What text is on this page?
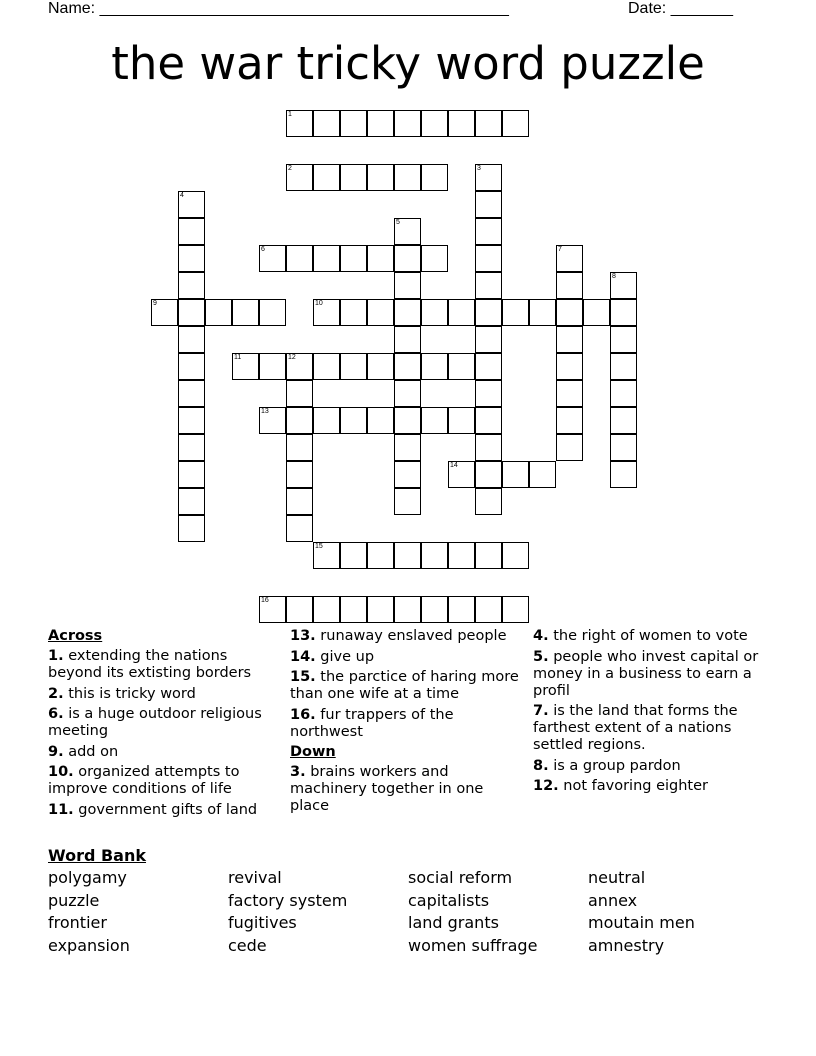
Name: ______________________________________________	Date: _______
the war tricky word puzzle
1
2	3
4
5
6	7
8
9	10
11	12
13
14
15
16
Across
1. extending the nations beyond its extisting borders
2. this is tricky word
6. is a huge outdoor religious meeting
9. add on
10. organized attempts to improve conditions of life
11. government gifts of land
13. runaway enslaved people
14. give up
15. the parctice of haring more than one wife at a time
16. fur trappers of the northwest
Down
3. brains workers and machinery together in one place
4. the right of women to vote
5. people who invest capital or money in a business to earn a profil
7. is the land that forms the farthest extent of a nations settled regions.
8. is a group pardon
12. not favoring eighter
Word Bank
polygamy	revival	social reform	neutral
puzzle	factory system	capitalists	annex
frontier	fugitives	land grants	moutain men
expansion	cede	women suffrage	amnestry
